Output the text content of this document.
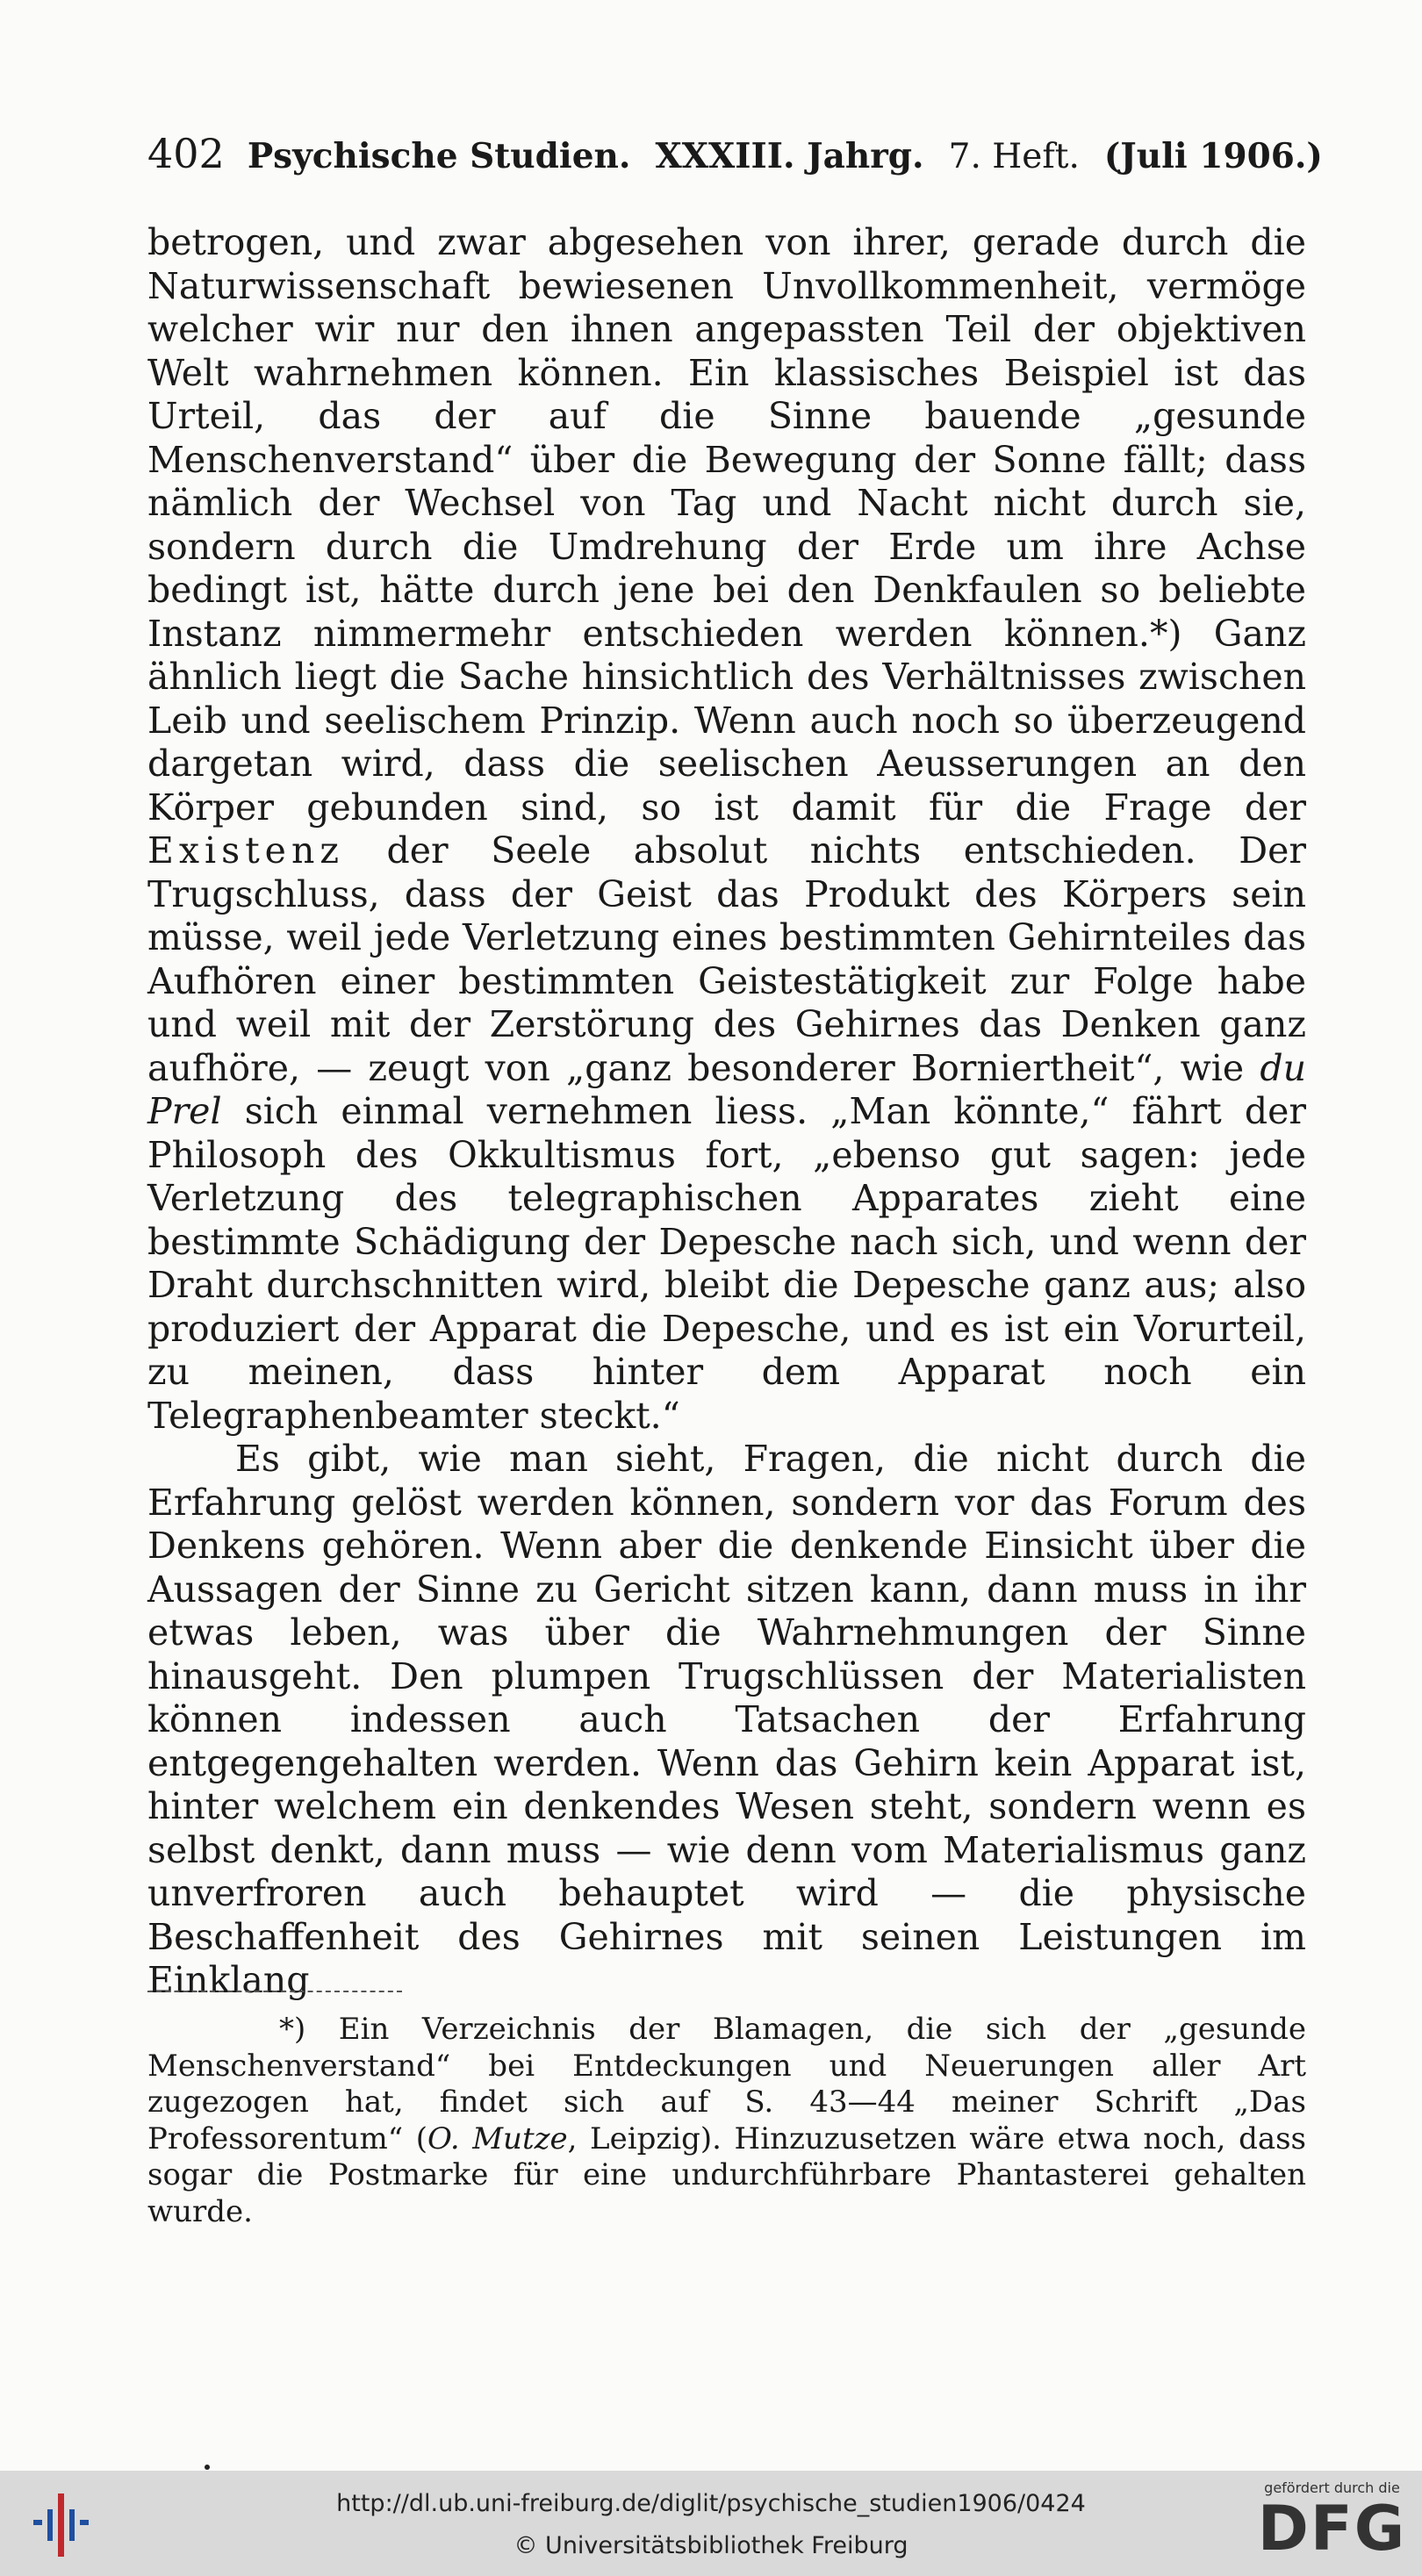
402 Psychische Studien. XXXIII. Jahrg. 7. Heft. (Juli 1906.)

betrogen, und zwar abgesehen von ihrer, gerade durch die Naturwissenschaft bewiesenen Unvollkommenheit, vermöge welcher wir nur den ihnen angepassten Teil der objektiven Welt wahrnehmen können. Ein klassisches Beispiel ist das Urteil, das der auf die Sinne bauende „gesunde Menschenverstand“ über die Bewegung der Sonne fällt; dass nämlich der Wechsel von Tag und Nacht nicht durch sie, sondern durch die Umdrehung der Erde um ihre Achse bedingt ist, hätte durch jene bei den Denkfaulen so beliebte Instanz nimmermehr entschieden werden können.*) Ganz ähnlich liegt die Sache hinsichtlich des Verhältnisses zwischen Leib und seelischem Prinzip. Wenn auch noch so überzeugend dargetan wird, dass die seelischen Aeusserungen an den Körper gebunden sind, so ist damit für die Frage der Existenz der Seele absolut nichts entschieden. Der Trugschluss, dass der Geist das Produkt des Körpers sein müsse, weil jede Verletzung eines bestimmten Gehirnteiles das Aufhören einer bestimmten Geistestätigkeit zur Folge habe und weil mit der Zerstörung des Gehirnes das Denken ganz aufhöre, — zeugt von „ganz besonderer Borniertheit“, wie du Prel sich einmal vernehmen liess. „Man könnte,“ fährt der Philosoph des Okkultismus fort, „ebenso gut sagen: jede Verletzung des telegraphischen Apparates zieht eine bestimmte Schädigung der Depesche nach sich, und wenn der Draht durchschnitten wird, bleibt die Depesche ganz aus; also produziert der Apparat die Depesche, und es ist ein Vorurteil, zu meinen, dass hinter dem Apparat noch ein Telegraphenbeamter steckt.“

Es gibt, wie man sieht, Fragen, die nicht durch die Erfahrung gelöst werden können, sondern vor das Forum des Denkens gehören. Wenn aber die denkende Einsicht über die Aussagen der Sinne zu Gericht sitzen kann, dann muss in ihr etwas leben, was über die Wahrnehmungen der Sinne hinausgeht. Den plumpen Trugschlüssen der Materialisten können indessen auch Tatsachen der Erfahrung entgegengehalten werden. Wenn das Gehirn kein Apparat ist, hinter welchem ein denkendes Wesen steht, sondern wenn es selbst denkt, dann muss — wie denn vom Materialismus ganz unverfroren auch behauptet wird — die physische Beschaffenheit des Gehirnes mit seinen Leistungen im Einklang

*) Ein Verzeichnis der Blamagen, die sich der „gesunde Menschenverstand“ bei Entdeckungen und Neuerungen aller Art zugezogen hat, findet sich auf S. 43—44 meiner Schrift „Das Professorentum“ (O. Mutze, Leipzig). Hinzuzusetzen wäre etwa noch, dass sogar die Postmarke für eine undurchführbare Phantasterei gehalten wurde.

http://dl.ub.uni-freiburg.de/diglit/psychische_studien1906/0424
© Universitätsbibliothek Freiburg
gefördert durch die
DFG
